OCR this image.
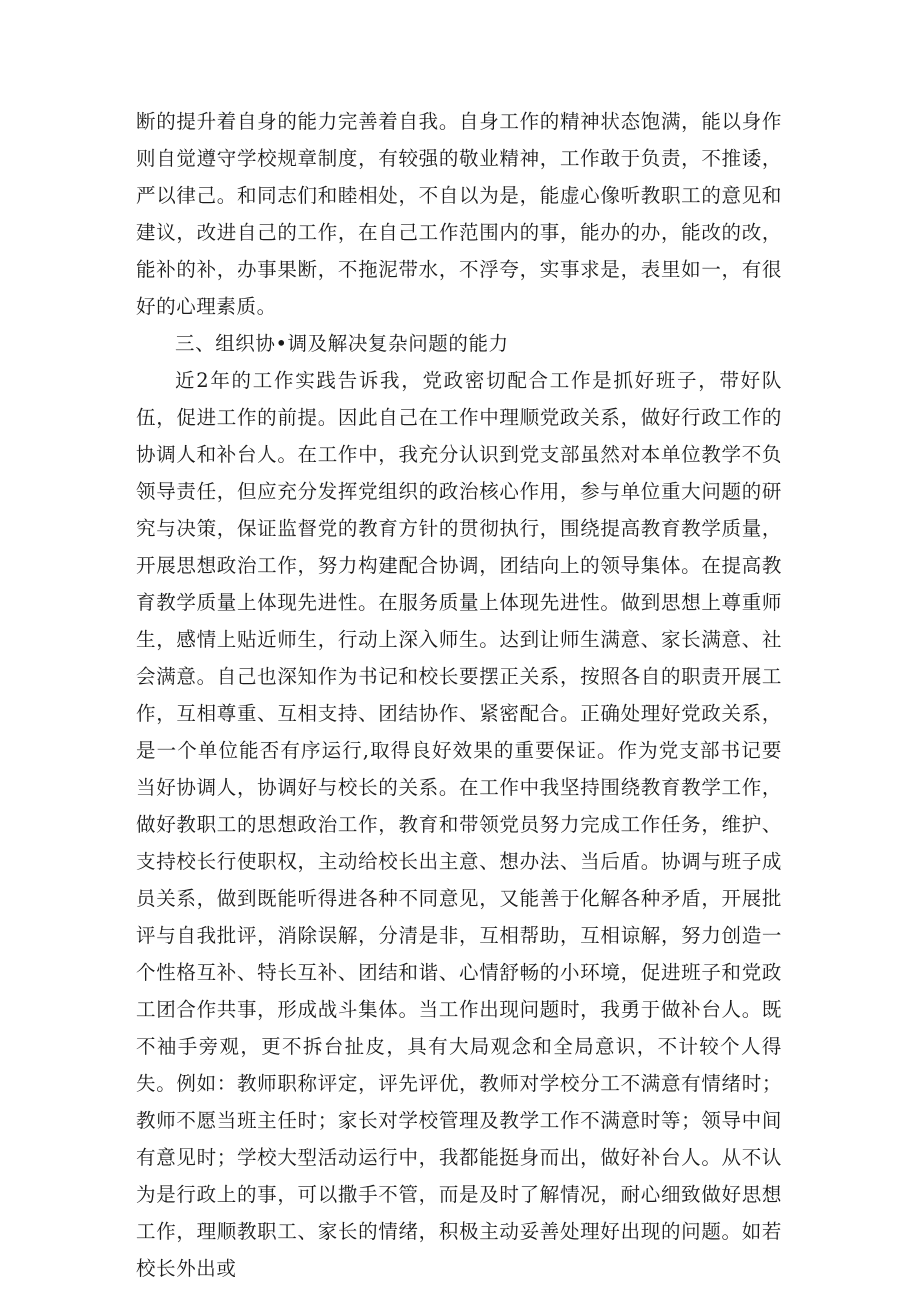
断的提升着自身的能力完善着自我。自身工作的精神状态饱满，能以身作则自觉遵守学校规章制度，有较强的敬业精神，工作敢于负责，不推诿，严以律己。和同志们和睦相处，不自以为是，能虚心像听教职工的意见和建议，改进自己的工作，在自己工作范围内的事，能办的办，能改的改，能补的补，办事果断，不拖泥带水，不浮夸，实事求是，表里如一，有很好的心理素质。

三、组织协•调及解决复杂问题的能力

近2年的工作实践告诉我，党政密切配合工作是抓好班子，带好队伍，促进工作的前提。因此自己在工作中理顺党政关系，做好行政工作的协调人和补台人。在工作中，我充分认识到党支部虽然对本单位教学不负领导责任，但应充分发挥党组织的政治核心作用，参与单位重大问题的研究与决策，保证监督党的教育方针的贯彻执行，围绕提高教育教学质量，开展思想政治工作，努力构建配合协调，团结向上的领导集体。在提高教育教学质量上体现先进性。在服务质量上体现先进性。做到思想上尊重师生，感情上贴近师生，行动上深入师生。达到让师生满意、家长满意、社会满意。自己也深知作为书记和校长要摆正关系，按照各自的职责开展工作，互相尊重、互相支持、团结协作、紧密配合。正确处理好党政关系，是一个单位能否有序运行,取得良好效果的重要保证。作为党支部书记要当好协调人，协调好与校长的关系。在工作中我坚持围绕教育教学工作，做好教职工的思想政治工作，教育和带领党员努力完成工作任务，维护、支持校长行使职权，主动给校长出主意、想办法、当后盾。协调与班子成员关系，做到既能听得进各种不同意见，又能善于化解各种矛盾，开展批评与自我批评，消除误解，分清是非，互相帮助，互相谅解，努力创造一个性格互补、特长互补、团结和谐、心情舒畅的小环境，促进班子和党政工团合作共事，形成战斗集体。当工作出现问题时，我勇于做补台人。既不袖手旁观，更不拆台扯皮，具有大局观念和全局意识，不计较个人得失。例如：教师职称评定，评先评优，教师对学校分工不满意有情绪时；教师不愿当班主任时；家长对学校管理及教学工作不满意时等；领导中间有意见时；学校大型活动运行中，我都能挺身而出，做好补台人。从不认为是行政上的事，可以撒手不管，而是及时了解情况，耐心细致做好思想工作，理顺教职工、家长的情绪，积极主动妥善处理好出现的问题。如若校长外出或
